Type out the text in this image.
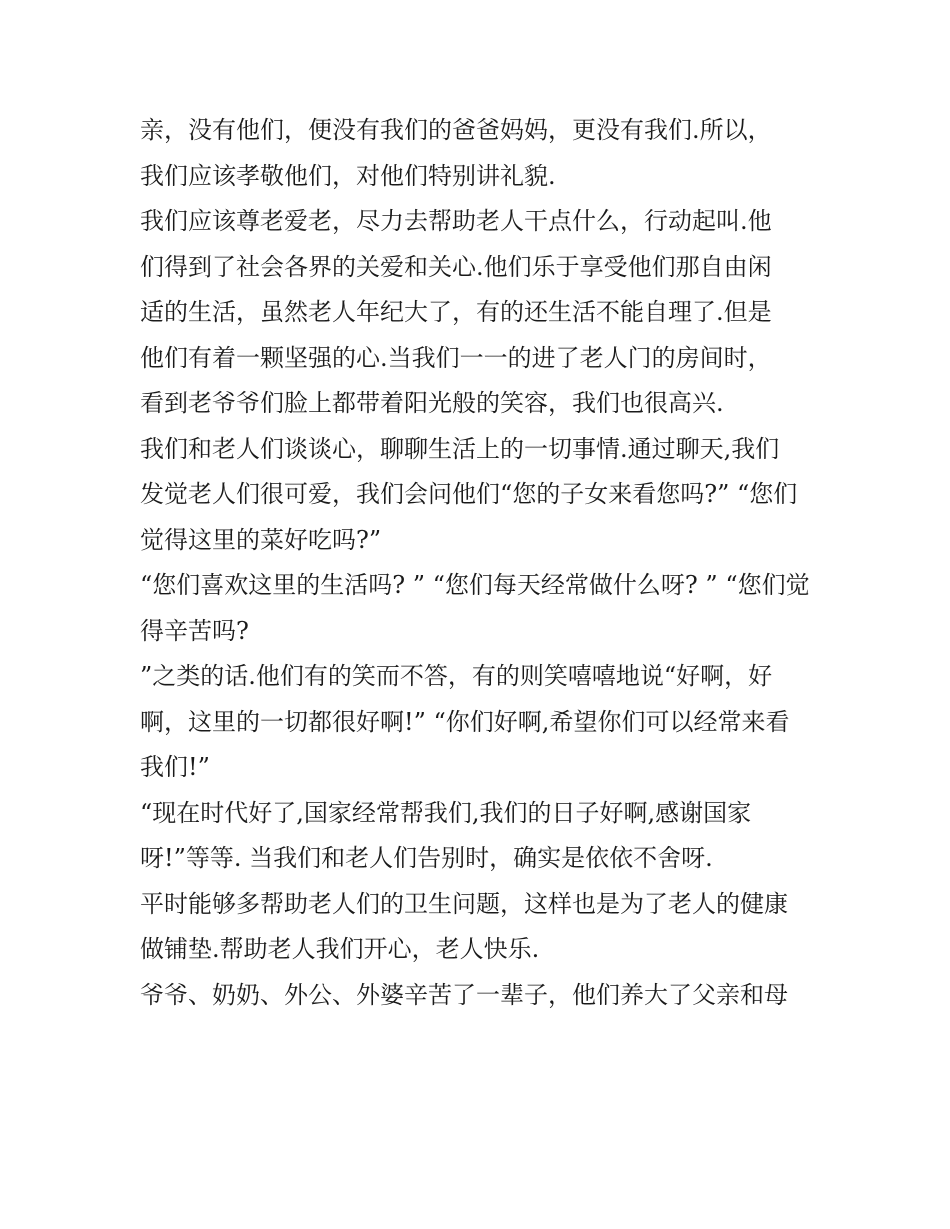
亲，没有他们，便没有我们的爸爸妈妈，更没有我们.所以，
我们应该孝敬他们，对他们特别讲礼貌.
我们应该尊老爱老，尽力去帮助老人干点什么，行动起叫.他
们得到了社会各界的关爱和关心.他们乐于享受他们那自由闲
适的生活，虽然老人年纪大了，有的还生活不能自理了.但是
他们有着一颗坚强的心.当我们一一的进了老人门的房间时，
看到老爷爷们脸上都带着阳光般的笑容，我们也很高兴.
我们和老人们谈谈心，聊聊生活上的一切事情.通过聊天,我们
发觉老人们很可爱，我们会问他们“您的子女来看您吗?” “您们
觉得这里的菜好吃吗?”
“您们喜欢这里的生活吗? ” “您们每天经常做什么呀? ” “您们觉
得辛苦吗?
”之类的话.他们有的笑而不答，有的则笑嘻嘻地说“好啊，好
啊，这里的一切都很好啊!” “你们好啊,希望你们可以经常来看
我们!”
“现在时代好了,国家经常帮我们,我们的日子好啊,感谢国家
呀!”等等. 当我们和老人们告别时，确实是依依不舍呀.
平时能够多帮助老人们的卫生问题，这样也是为了老人的健康
做铺垫.帮助老人我们开心，老人快乐.
爷爷、奶奶、外公、外婆辛苦了一辈子，他们养大了父亲和母
